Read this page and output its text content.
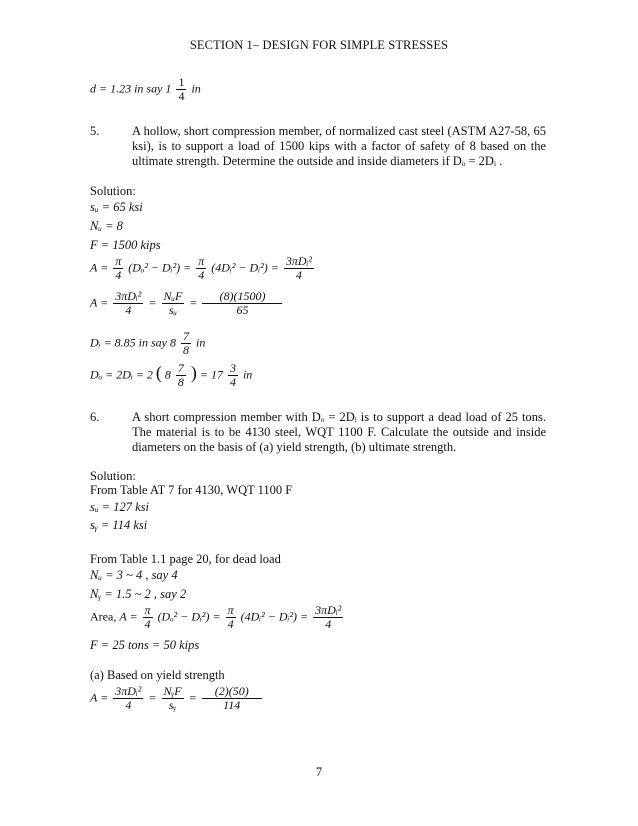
SECTION 1– DESIGN FOR SIMPLE STRESSES
d = 1.23 in say $1 \frac{1}{4}$ in
5.	A hollow, short compression member, of normalized cast steel (ASTM A27-58, 65 ksi), is to support a load of 1500 kips with a factor of safety of 8 based on the ultimate strength. Determine the outside and inside diameters if Dₒ = 2Dᵢ .
Solution:
sᵤ = 65 ksi
Nᵤ = 8
F = 1500 kips
$A = \frac{\pi}{4} (D_o^2$ − Dᵢ²) = $\frac{\pi}{4}$ (4Dᵢ² − Dᵢ²) = $\frac{\text{3πDᵢ²}}{4}$
$A = \frac{\text{3πDᵢ²}}{4} = \frac{\text{NᵤF}}{\text{sᵤ}} = \frac{(8)(1500)}{65}$
Dᵢ = 8.85 in say $8 \frac{7}{8}$ in
Dₒ = 2Dᵢ = 2 ( $8 \frac{7}{8}$ ) = $17 \frac{3}{4}$ in
6.	A short compression member with Dₒ = 2Dᵢ is to support a dead load of 25 tons. The material is to be 4130 steel, WQT 1100 F. Calculate the outside and inside diameters on the basis of (a) yield strength, (b) ultimate strength.
Solution:
From Table AT 7 for 4130, WQT 1100 F
sᵤ = 127 ksi
sᵧ = 114 ksi
From Table 1.1 page 20, for dead load
Nᵤ = 3 ~ 4 , say 4
Nᵧ = 1.5 ~ 2 , say 2
Area, $A = \frac{\pi}{4} (D_o^2$ − Dᵢ²) = $\frac{\pi}{4}$ (4Dᵢ² − Dᵢ²) = $\frac{\text{3πDᵢ²}}{4}$
F = 25 tons = 50 kips
(a) Based on yield strength
$A = \frac{\text{3πDᵢ²}}{4} = \frac{\text{NᵧF}}{\text{sᵧ}} = \frac{(2)(50)}{114}$
7
